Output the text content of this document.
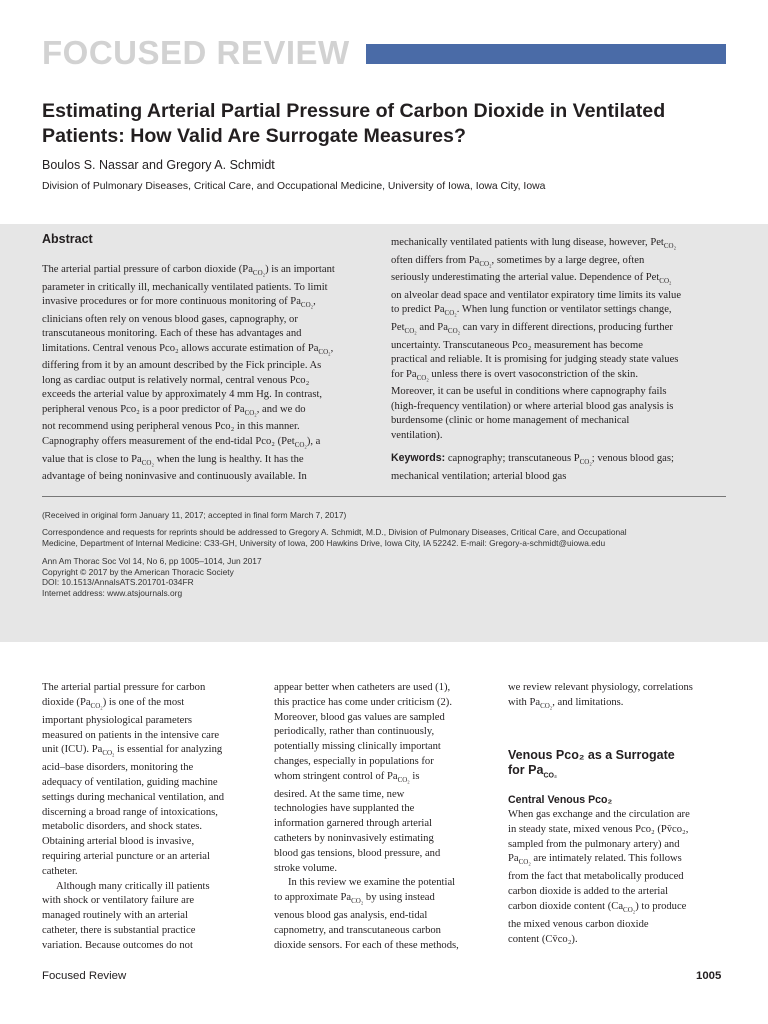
FOCUSED REVIEW
Estimating Arterial Partial Pressure of Carbon Dioxide in Ventilated
Patients: How Valid Are Surrogate Measures?
Boulos S. Nassar and Gregory A. Schmidt
Division of Pulmonary Diseases, Critical Care, and Occupational Medicine, University of Iowa, Iowa City, Iowa
Abstract
The arterial partial pressure of carbon dioxide $(Pa_{CO_2})$ is an important
parameter in critically ill, mechanically ventilated patients. To limit
invasive procedures or for more continuous monitoring of $Pa_{CO_2}$,
clinicians often rely on venous blood gases, capnography, or
transcutaneous monitoring. Each of these has advantages and
limitations. Central venous Pco₂ allows accurate estimation of $Pa_{CO_2}$,
differing from it by an amount described by the Fick principle. As
long as cardiac output is relatively normal, central venous Pco₂
exceeds the arterial value by approximately 4 mm Hg. In contrast,
peripheral venous Pco₂ is a poor predictor of $Pa_{CO_2}$, and we do
not recommend using peripheral venous Pco₂ in this manner.
Capnography offers measurement of the end-tidal Pco₂ (Pet$_{CO_2}$), a
value that is close to $Pa_{CO_2}$ when the lung is healthy. It has the
advantage of being noninvasive and continuously available. In
mechanically ventilated patients with lung disease, however, Pet$_{CO_2}$
often differs from $Pa_{CO_2}$, sometimes by a large degree, often
seriously underestimating the arterial value. Dependence of Pet$_{CO_2}$
on alveolar dead space and ventilator expiratory time limits its value
to predict $Pa_{CO_2}$. When lung function or ventilator settings change,
Pet$_{CO_2}$ and $Pa_{CO_2}$ can vary in different directions, producing further
uncertainty. Transcutaneous Pco₂ measurement has become
practical and reliable. It is promising for judging steady state values
for $Pa_{CO_2}$ unless there is overt vasoconstriction of the skin.
Moreover, it can be useful in conditions where capnography fails
(high-frequency ventilation) or where arterial blood gas analysis is
burdensome (clinic or home management of mechanical
ventilation).
Keywords: capnography; transcutaneous $P_{CO_2}$; venous blood gas;
mechanical ventilation; arterial blood gas
(Received in original form January 11, 2017; accepted in final form March 7, 2017)
Correspondence and requests for reprints should be addressed to Gregory A. Schmidt, M.D., Division of Pulmonary Diseases, Critical Care, and Occupational
Medicine, Department of Internal Medicine: C33-GH, University of Iowa, 200 Hawkins Drive, Iowa City, IA 52242. E-mail: Gregory-a-schmidt@uiowa.edu
Ann Am Thorac Soc Vol 14, No 6, pp 1005–1014, Jun 2017
Copyright © 2017 by the American Thoracic Society
DOI: 10.1513/AnnalsATS.201701-034FR
Internet address: www.atsjournals.org
The arterial partial pressure for carbon
dioxide $(Pa_{CO_2})$ is one of the most
important physiological parameters
measured on patients in the intensive care
unit (ICU). $Pa_{CO_2}$ is essential for analyzing
acid–base disorders, monitoring the
adequacy of ventilation, guiding machine
settings during mechanical ventilation, and
discerning a broad range of intoxications,
metabolic disorders, and shock states.
Obtaining arterial blood is invasive,
requiring arterial puncture or an arterial
catheter.
Although many critically ill patients
with shock or ventilatory failure are
managed routinely with an arterial
catheter, there is substantial practice
variation. Because outcomes do not
appear better when catheters are used (1),
this practice has come under criticism (2).
Moreover, blood gas values are sampled
periodically, rather than continuously,
potentially missing clinically important
changes, especially in populations for
whom stringent control of $Pa_{CO_2}$ is
desired. At the same time, new
technologies have supplanted the
information garnered through arterial
catheters by noninvasively estimating
blood gas tensions, blood pressure, and
stroke volume.
In this review we examine the potential
to approximate $Pa_{CO_2}$ by using instead
venous blood gas analysis, end-tidal
capnometry, and transcutaneous carbon
dioxide sensors. For each of these methods,
we review relevant physiology, correlations
with $Pa_{CO_2}$, and limitations.
Venous Pco₂ as a Surrogate
for $Pa_{CO_2}$
Central Venous Pco₂
When gas exchange and the circulation are
in steady state, mixed venous Pco₂ (Pv̄co₂,
sampled from the pulmonary artery) and
$Pa_{CO_2}$ are intimately related. This follows
from the fact that metabolically produced
carbon dioxide is added to the arterial
carbon dioxide content $(Ca_{CO_2})$ to produce
the mixed venous carbon dioxide
content (Cv̄co₂).
Focused Review	1005
